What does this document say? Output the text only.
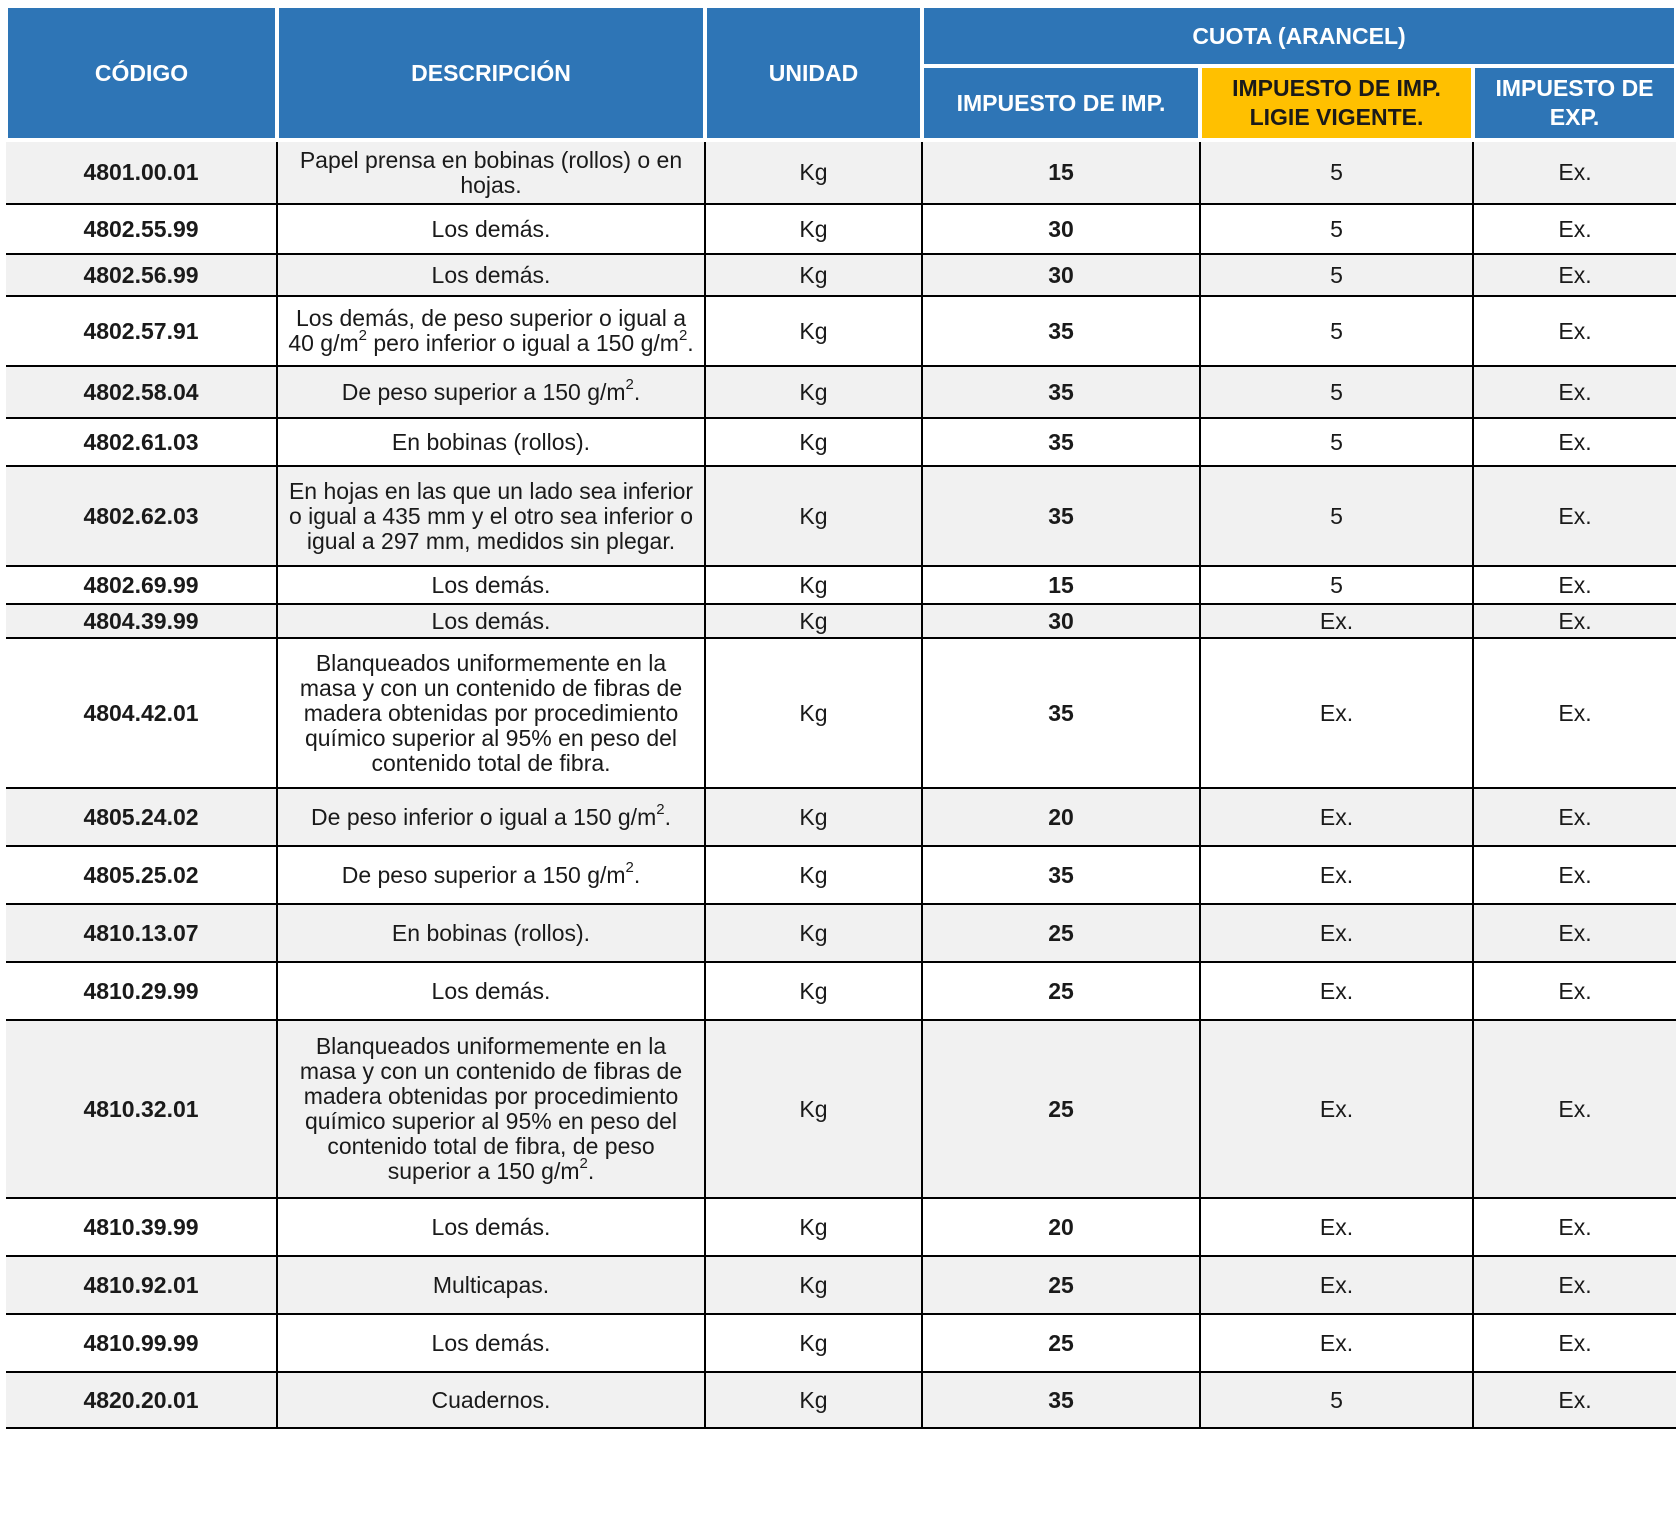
CÓDIGO	DESCRIPCIÓN	UNIDAD	CUOTA (ARANCEL)		
			IMPUESTO DE IMP.	IMPUESTO DE IMP. LIGIE VIGENTE.	IMPUESTO DE EXP.
4801.00.01	Papel prensa en bobinas (rollos) o en hojas.	Kg	15	5	Ex.
4802.55.99	Los demás.	Kg	30	5	Ex.
4802.56.99	Los demás.	Kg	30	5	Ex.
4802.57.91	Los demás, de peso superior o igual a 40 $g/m^2$ pero inferior o igual a 150 $g/m^2$.	Kg	35	5	Ex.
4802.58.04	De peso superior a 150 $g/m^2$.	Kg	35	5	Ex.
4802.61.03	En bobinas (rollos).	Kg	35	5	Ex.
4802.62.03	En hojas en las que un lado sea inferior o igual a 435 mm y el otro sea inferior o igual a 297 mm, medidos sin plegar.	Kg	35	5	Ex.
4802.69.99	Los demás.	Kg	15	5	Ex.
4804.39.99	Los demás.	Kg	30	Ex.	Ex.
4804.42.01	Blanqueados uniformemente en la masa y con un contenido de fibras de madera obtenidas por procedimiento químico superior al 95% en peso del contenido total de fibra.	Kg	35	Ex.	Ex.
4805.24.02	De peso inferior o igual a 150 $g/m^2$.	Kg	20	Ex.	Ex.
4805.25.02	De peso superior a 150 $g/m^2$.	Kg	35	Ex.	Ex.
4810.13.07	En bobinas (rollos).	Kg	25	Ex.	Ex.
4810.29.99	Los demás.	Kg	25	Ex.	Ex.
4810.32.01	Blanqueados uniformemente en la masa y con un contenido de fibras de madera obtenidas por procedimiento químico superior al 95% en peso del contenido total de fibra, de peso superior a 150 $g/m^2$.	Kg	25	Ex.	Ex.
4810.39.99	Los demás.	Kg	20	Ex.	Ex.
4810.92.01	Multicapas.	Kg	25	Ex.	Ex.
4810.99.99	Los demás.	Kg	25	Ex.	Ex.
4820.20.01	Cuadernos.	Kg	35	5	Ex.
